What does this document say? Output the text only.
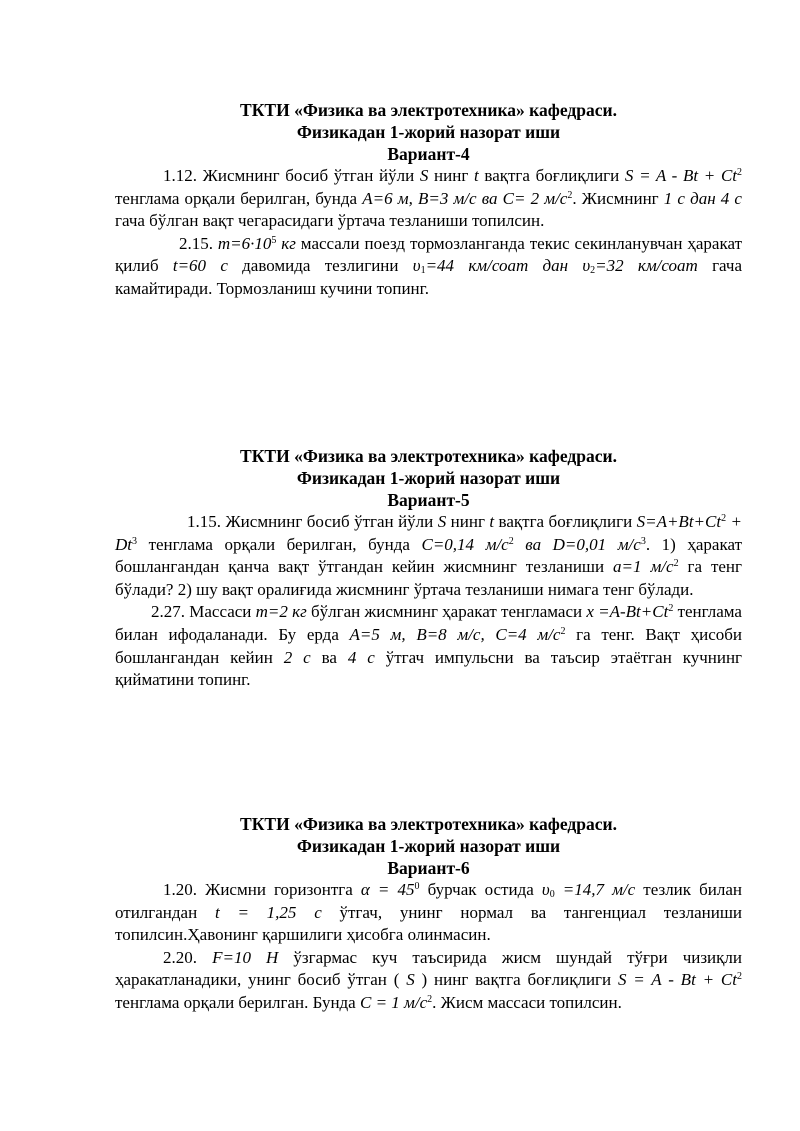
ТКТИ «Физика ва электротехника» кафедраси.

Физикадан 1-жорий назорат иши

Вариант-4

1.12. Жисмнинг босиб ўтган йўли S нинг t вақтга боғлиқлиги $S = A - Bt + Ct^2$ тенглама орқали берилган, бунда A=6 м, B=3 м/с ва C= 2 $м/с^2$. Жисмнинг 1 с дан 4 с гача бўлган вақт чегарасидаги ўртача тезланиши топилсин.

2.15. $m=6\cdot 10^5$ кг массали поезд тормозланганда текис секинланувчан ҳаракат қилиб t=60 с давомида тезлигини $\upsilon_1=44$ км/соат дан $\upsilon_2=32$ км/соат гача камайтиради. Тормозланиш кучини топинг.

ТКТИ «Физика ва электротехника» кафедраси.

Физикадан 1-жорий назорат иши

Вариант-5

1.15. Жисмнинг босиб ўтган йўли S нинг t вақтга боғлиқлиги $S=A+Bt+Ct^2 + Dt^3$ тенглама орқали берилган, бунда C=0,14 $м/с^2$ ва D=0,01 $м/с^3$. 1) ҳаракат бошлангандан қанча вақт ўтгандан кейин жисмнинг тезланиши а=1 $м/с^2$ га тенг бўлади? 2) шу вақт оралиғида жисмнинг ўртача тезланиши нимага тенг бўлади.

2.27. Массаси m=2 кг бўлган жисмнинг ҳаракат тенгламаси $x =A-Bt+Ct^2$ тенглама билан ифодаланади. Бу ерда А=5 м, B=8 м/с, С=4 $м/с^2$ га тенг. Вақт ҳисоби бошлангандан кейин 2 с ва 4 с ўтгач импульсни ва таъсир этаётган кучнинг қийматини топинг.

ТКТИ «Физика ва электротехника» кафедраси.

Физикадан 1-жорий назорат иши

Вариант-6

1.20. Жисмни горизонтга $\alpha = 45^0$ бурчак остида $\upsilon_0 =14,7$ м/с тезлик билан отилгандан t = 1,25 с ўтгач, унинг нормал ва тангенциал тезланиши топилсин.Ҳавонинг қаршилиги ҳисобга олинмасин.

2.20. F=10 Н ўзгармас куч таъсирида жисм шундай тўғри чизиқли ҳаракатланадики, унинг босиб ўтган ( S ) нинг вақтга боғлиқлиги $S = A - Bt + Ct^2$ тенглама орқали берилган. Бунда C = 1 $м/с^2$. Жисм массаси топилсин.
